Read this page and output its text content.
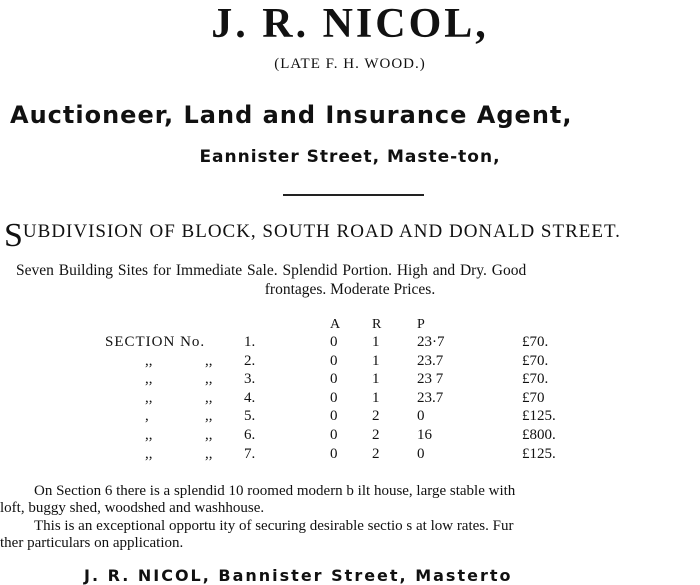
J. R. NICOL,
(LATE F. H. WOOD.)
Auctioneer, Land and Insurance Agent,
Eannister Street, Maste-ton,
SUBDIVISION OF BLOCK, SOUTH ROAD AND DONALD STREET.
Seven Building Sites for Immediate Sale. Splendid Portion. High and Dry. Good
frontages. Moderate Prices.
A R	P
SECTION No.	1.	0 1	23·7	£70.
,,	,, 2.	0 1	23.7	£70.
,,	,, 3.	0 1	23 7	£70.
,,	,, 4.	0 1	23.7	£70
,	,, 5.	0 2	0	£125.
,,	,, 6.	0 2	16	£800.
,,	,, 7.	0 2	0	£125.
On Section 6 there is a splendid 10 roomed modern b ilt house, large stable with
loft, buggy shed, woodshed and washhouse.
This is an exceptional opportu ity of securing desirable sectio s at low rates. Fur
ther particulars on application.
J. R. NICOL, Bannister Street, Masterto
